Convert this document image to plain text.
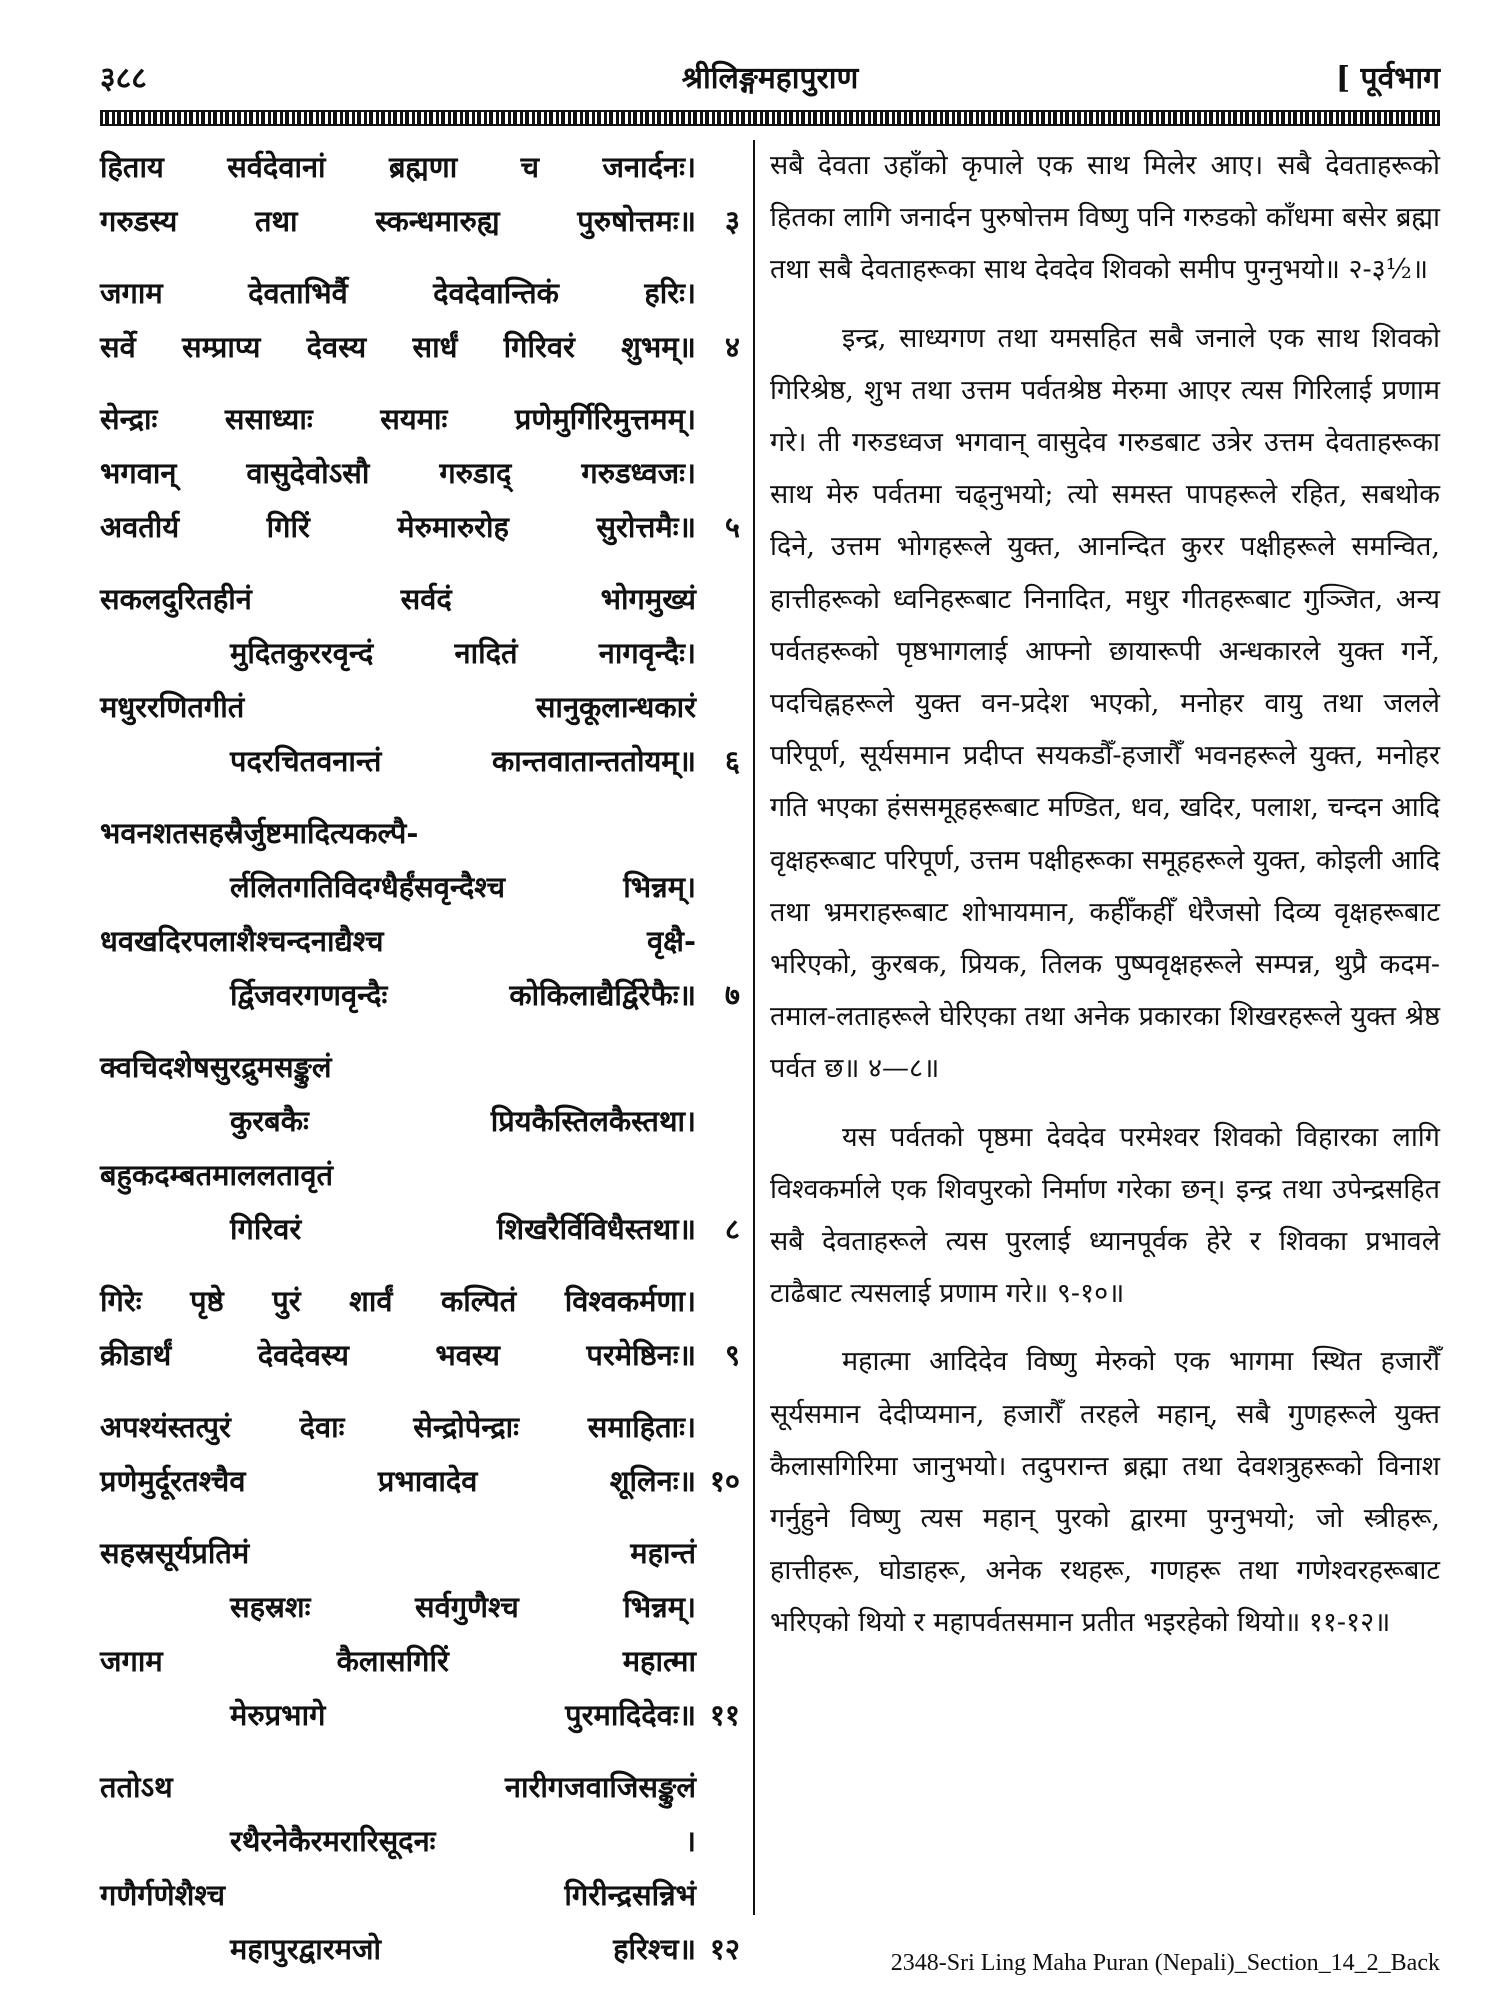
३८८	श्रीलिङ्गमहापुराण	[ पूर्वभाग
हिताय सर्वदेवानां ब्रह्मणा च जनार्दनः।
गरुडस्य	तथा	स्कन्धमारुह्य	पुरुषोत्तमः॥ ३
जगाम	देवताभिर्वै	देवदेवान्तिकं	हरिः।
सर्वे सम्प्राप्य देवस्य सार्धं गिरिवरं शुभम्॥ ४
सेन्द्राः ससाध्याः सयमाः प्रणेमुर्गिरिमुत्तमम्।
भगवान् वासुदेवोऽसौ गरुडाद् गरुडध्वजः।
अवतीर्य	गिरिं	मेरुमारुरोह	सुरोत्तमैः॥ ५
सकलदुरितहीनं	सर्वदं	भोगमुख्यं
मुदितकुररवृन्दं	नादितं	नागवृन्दैः।
मधुररणितगीतं	सानुकूलान्धकारं
पदरचितवनान्तं	कान्तवातान्ततोयम्॥ ६
भवनशतसहस्रैर्जुष्टमादित्यकल्पै-
र्ललितगतिविदग्धैर्हंसवृन्दैश्च	भिन्नम्।
धवखदिरपलाशैश्चन्दनाद्यैश्च	वृक्षै-
र्द्विजवरगणवृन्दैः	कोकिलाद्यैर्द्विरेफैः॥ ७
क्वचिदशेषसुरद्रुमसङ्कुलं
कुरबकैः	प्रियकैस्तिलकैस्तथा।
बहुकदम्बतमाललतावृतं
गिरिवरं	शिखरैर्विविधैस्तथा॥ ८
गिरेः पृष्ठे पुरं शार्वं कल्पितं विश्वकर्मणा।
क्रीडार्थं	देवदेवस्य	भवस्य	परमेष्ठिनः॥ ९
अपश्यंस्तत्पुरं देवाः सेन्द्रोपेन्द्राः समाहिताः।
प्रणेमुर्दूरतश्चैव	प्रभावादेव	शूलिनः॥ १०
सहस्रसूर्यप्रतिमं	महान्तं
सहस्रशः	सर्वगुणैश्च	भिन्नम्।
जगाम	कैलासगिरिं	महात्मा
मेरुप्रभागे	पुरमादिदेवः॥ ११
ततोऽथ	नारीगजवाजिसङ्कुलं
रथैरनेकैरमरारिसूदनः	।
गणैर्गणेशैश्च	गिरीन्द्रसन्निभं
महापुरद्वारमजो	हरिश्च॥ १२

सबै देवता उहाँको कृपाले एक साथ मिलेर आए। सबै देवताहरूको हितका लागि जनार्दन पुरुषोत्तम विष्णु पनि गरुडको काँधमा बसेर ब्रह्मा तथा सबै देवताहरूका साथ देवदेव शिवको समीप पुग्नुभयो॥ २-३½॥

इन्द्र, साध्यगण तथा यमसहित सबै जनाले एक साथ शिवको गिरिश्रेष्ठ, शुभ तथा उत्तम पर्वतश्रेष्ठ मेरुमा आएर त्यस गिरिलाई प्रणाम गरे। ती गरुडध्वज भगवान् वासुदेव गरुडबाट उत्रेर उत्तम देवताहरूका साथ मेरु पर्वतमा चढ्नुभयो; त्यो समस्त पापहरूले रहित, सबथोक दिने, उत्तम भोगहरूले युक्त, आनन्दित कुरर पक्षीहरूले समन्वित, हात्तीहरूको ध्वनिहरूबाट निनादित, मधुर गीतहरूबाट गुञ्जित, अन्य पर्वतहरूको पृष्ठभागलाई आफ्नो छायारूपी अन्धकारले युक्त गर्ने, पदचिह्नहरूले युक्त वन-प्रदेश भएको, मनोहर वायु तथा जलले परिपूर्ण, सूर्यसमान प्रदीप्त सयकडौँ-हजारौँ भवनहरूले युक्त, मनोहर गति भएका हंससमूहहरूबाट मण्डित, धव, खदिर, पलाश, चन्दन आदि वृक्षहरूबाट परिपूर्ण, उत्तम पक्षीहरूका समूहहरूले युक्त, कोइली आदि तथा भ्रमराहरूबाट शोभायमान, कहीँकहीँ धेरैजसो दिव्य वृक्षहरूबाट भरिएको, कुरबक, प्रियक, तिलक पुष्पवृक्षहरूले सम्पन्न, थुप्रै कदम-तमाल-लताहरूले घेरिएका तथा अनेक प्रकारका शिखरहरूले युक्त श्रेष्ठ पर्वत छ॥ ४—८॥

यस पर्वतको पृष्ठमा देवदेव परमेश्वर शिवको विहारका लागि विश्वकर्माले एक शिवपुरको निर्माण गरेका छन्। इन्द्र तथा उपेन्द्रसहित सबै देवताहरूले त्यस पुरलाई ध्यानपूर्वक हेरे र शिवका प्रभावले टाढैबाट त्यसलाई प्रणाम गरे॥ ९-१०॥

महात्मा आदिदेव विष्णु मेरुको एक भागमा स्थित हजारौँ सूर्यसमान देदीप्यमान, हजारौँ तरहले महान्, सबै गुणहरूले युक्त कैलासगिरिमा जानुभयो। तदुपरान्त ब्रह्मा तथा देवशत्रुहरूको विनाश गर्नुहुने विष्णु त्यस महान् पुरको द्वारमा पुग्नुभयो; जो स्त्रीहरू, हात्तीहरू, घोडाहरू, अनेक रथहरू, गणहरू तथा गणेश्वरहरूबाट भरिएको थियो र महापर्वतसमान प्रतीत भइरहेको थियो॥ ११-१२॥

2348-Sri Ling Maha Puran (Nepali)_Section_14_2_Back
